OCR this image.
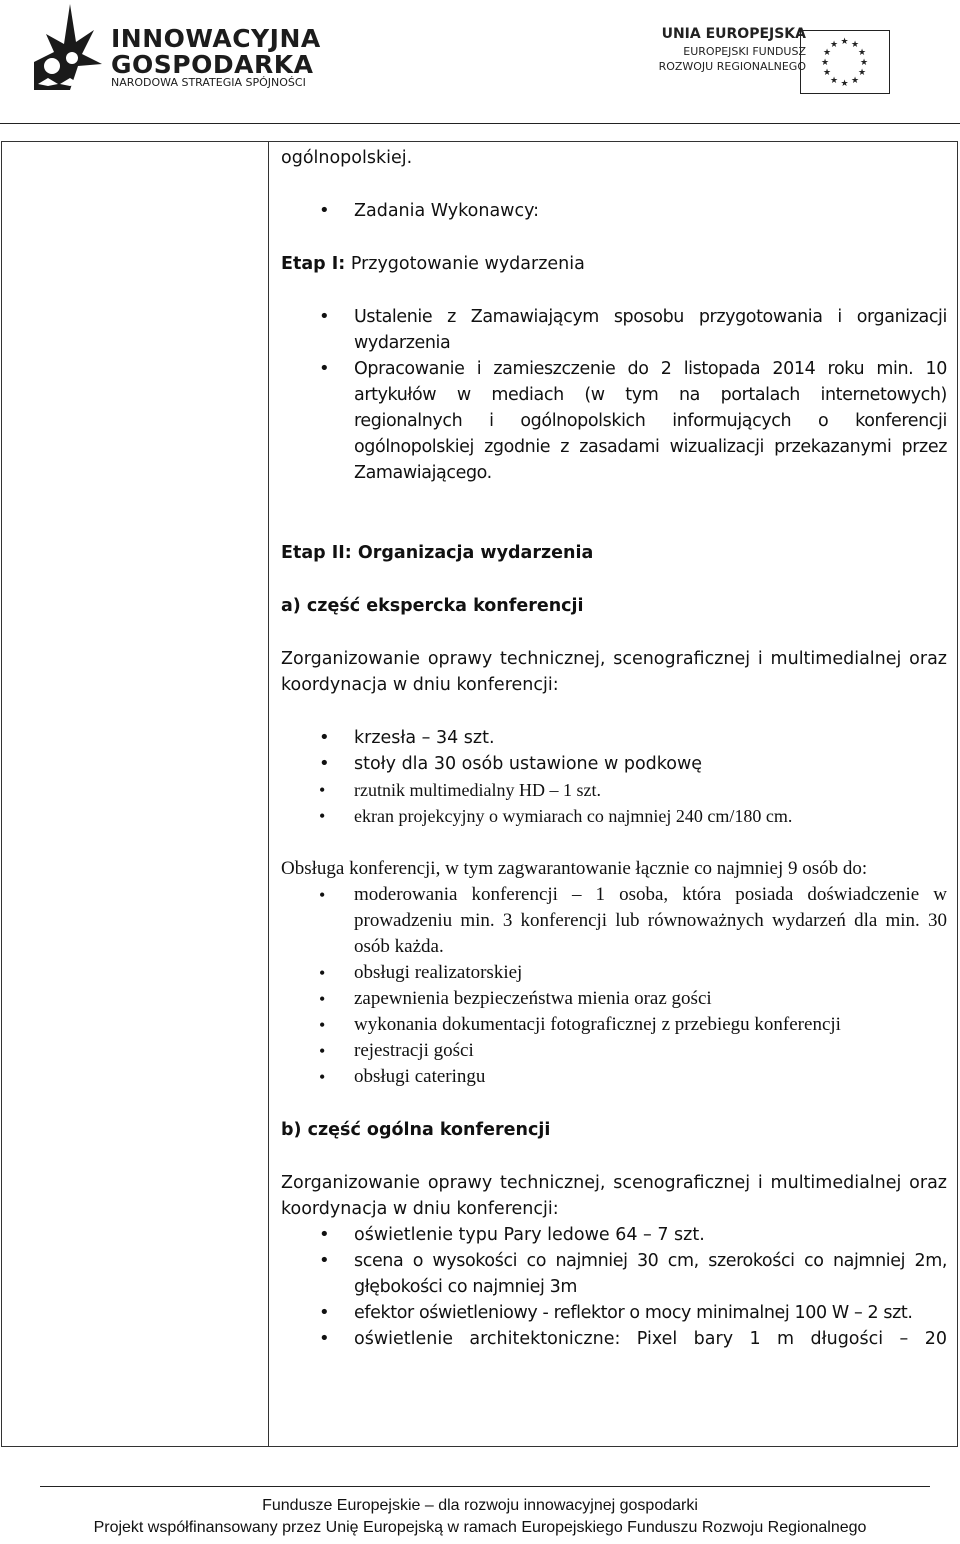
INNOWACYJNA
GOSPODARKA
NARODOWA STRATEGIA SPÓJNOŚCI
UNIA EUROPEJSKA
EUROPEJSKI FUNDUSZ
ROZWOJU REGIONALNEGO
★ ★
★
★
★
★
★
★
★
★
★
★

ogólnopolskiej.

• Zadania Wykonawcy:

Etap I: Przygotowanie wydarzenia

• Ustalenie z Zamawiającym sposobu przygotowania i organizacji wydarzenia
• Opracowanie i zamieszczenie do 2 listopada 2014 roku min. 10 artykułów w mediach (w tym na portalach internetowych) regionalnych i ogólnopolskich informujących o konferencji ogólnopolskiej zgodnie z zasadami wizualizacji przekazanymi przez Zamawiającego.

Etap II: Organizacja wydarzenia

a) część ekspercka konferencji

Zorganizowanie oprawy technicznej, scenograficznej i multimedialnej oraz koordynacja w dniu konferencji:

• krzesła – 34 szt.
• stoły dla 30 osób ustawione w podkowę
• rzutnik multimedialny HD – 1 szt.
• ekran projekcyjny o wymiarach co najmniej 240 cm/180 cm.

Obsługa konferencji, w tym zagwarantowanie łącznie co najmniej 9 osób do:

• moderowania konferencji – 1 osoba, która posiada doświadczenie w prowadzeniu min. 3 konferencji lub równoważnych wydarzeń dla min. 30 osób każda.
• obsługi realizatorskiej
• zapewnienia bezpieczeństwa mienia oraz gości
• wykonania dokumentacji fotograficznej z przebiegu konferencji
• rejestracji gości
• obsługi cateringu

b) część ogólna konferencji

Zorganizowanie oprawy technicznej, scenograficznej i multimedialnej oraz koordynacja w dniu konferencji:

• oświetlenie typu Pary ledowe 64 – 7 szt.
• scena o wysokości co najmniej 30 cm, szerokości co najmniej 2m, głębokości co najmniej 3m
• efektor oświetleniowy - reflektor o mocy minimalnej 100 W – 2 szt.
• oświetlenie architektoniczne: Pixel bary 1 m długości – 20
Fundusze Europejskie – dla rozwoju innowacyjnej gospodarki
Projekt współfinansowany przez Unię Europejską w ramach Europejskiego Funduszu Rozwoju Regionalnego
